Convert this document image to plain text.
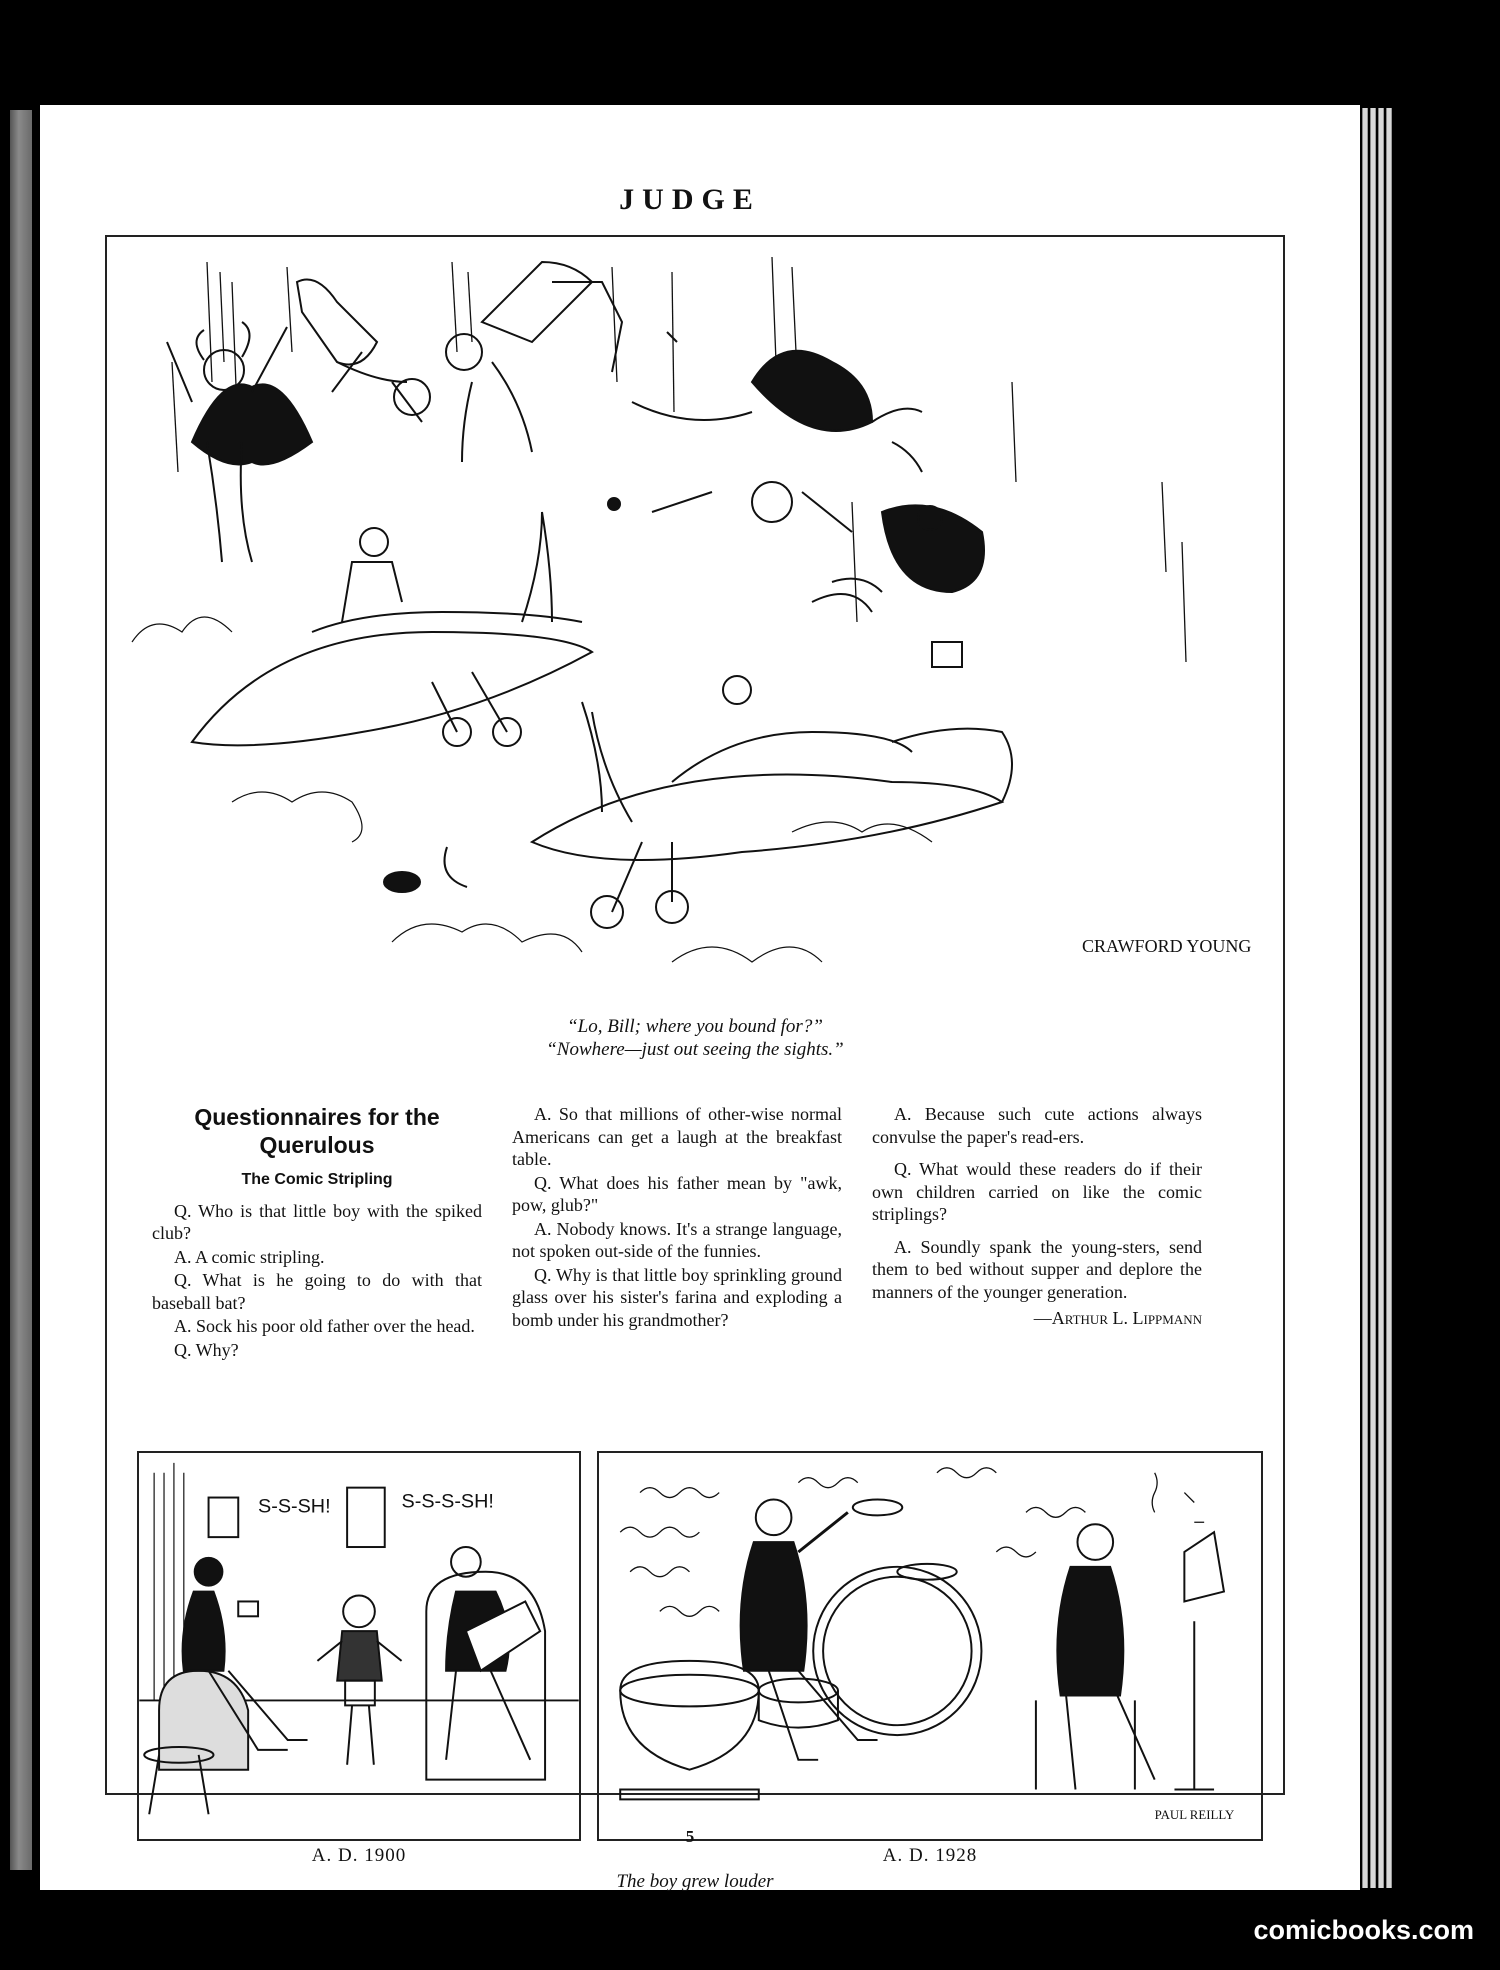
JUDGE
CRAWFORD YOUNG
“Lo, Bill; where you bound for?”
“Nowhere—just out seeing the sights.”
Questionnaires for the Querulous
The Comic Stripling

Q. Who is that little boy with the spiked club?

A. A comic stripling.

Q. What is he going to do with that baseball bat?

A. Sock his poor old father over the head.

Q. Why?

A. So that millions of other-wise normal Americans can get a laugh at the breakfast table.

Q. What does his father mean by "awk, pow, glub?"

A. Nobody knows. It's a strange language, not spoken out-side of the funnies.

Q. Why is that little boy sprinkling ground glass over his sister's farina and exploding a bomb under his grandmother?

A. Because such cute actions always convulse the paper's read-ers.

Q. What would these readers do if their own children carried on like the comic striplings?

A. Soundly spank the young-sters, send them to bed without supper and deplore the manners of the younger generation.

—Arthur L. Lippmann
S-S-SH!	S-S-S-SH!
PAUL REILLY
A. D. 1900	A. D. 1928
The boy grew louder
5
comicbooks.com
